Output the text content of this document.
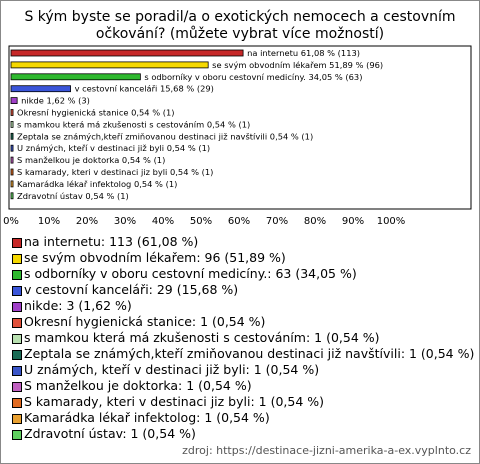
S kým byste se poradil/a o exotických nemocech a cestovním očkování? (můžete vybrat více možností)
na internetu 61,08 % (113)
se svým obvodním lékařem 51,89 % (96)
s odborníky v oboru cestovní medicíny. 34,05 % (63)
v cestovní kanceláři 15,68 % (29)
nikde 1,62 % (3)
Okresní hygienická stanice 0,54 % (1)
s mamkou která má zkušenosti s cestováním 0,54 % (1)
Zeptala se známých,kteří zmiňovanou destinaci již navštívili 0,54 % (1)
U známých, kteří v destinaci již byli 0,54 % (1)
S manželkou je doktorka 0,54 % (1)
S kamarady, kteri v destinaci jiz byli 0,54 % (1)
Kamarádka lékař infektolog 0,54 % (1)
Zdravotní ústav 0,54 % (1)
0% 10% 20% 30% 40% 50% 60% 70% 80% 90% 100%
na internetu: 113 (61,08 %)
se svým obvodním lékařem: 96 (51,89 %)
s odborníky v oboru cestovní medicíny.: 63 (34,05 %)
v cestovní kanceláři: 29 (15,68 %)
nikde: 3 (1,62 %)
Okresní hygienická stanice: 1 (0,54 %)
s mamkou která má zkušenosti s cestováním: 1 (0,54 %)
Zeptala se známých,kteří zmiňovanou destinaci již navštívili: 1 (0,54 %)
U známých, kteří v destinaci již byli: 1 (0,54 %)
S manželkou je doktorka: 1 (0,54 %)
S kamarady, kteri v destinaci jiz byli: 1 (0,54 %)
Kamarádka lékař infektolog: 1 (0,54 %)
Zdravotní ústav: 1 (0,54 %)
zdroj: https://destinace-jizni-amerika-a-ex.vyplnto.cz
